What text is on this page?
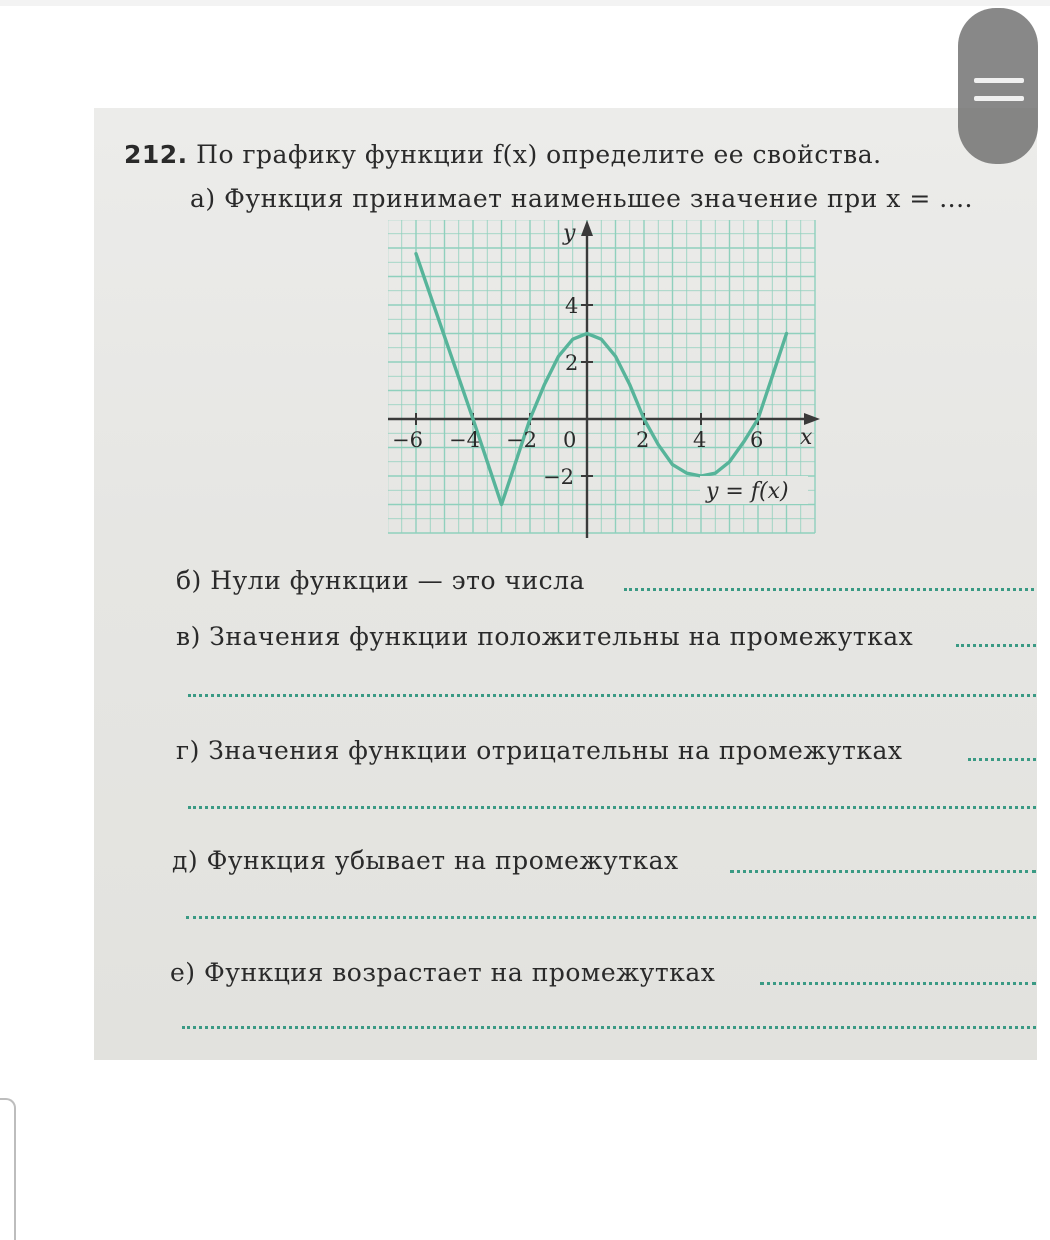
212. По графику функции f(x) определите ее свойства.
а) Функция принимает наименьшее значение при x = ....
x
y
−6 −4 −2 0	2 4 6
4
2
−2
y = f(x)
б) Нули функции — это числа
в) Значения функции положительны на промежутках
г) Значения функции отрицательны на промежутках
д) Функция убывает на промежутках
е) Функция возрастает на промежутках
